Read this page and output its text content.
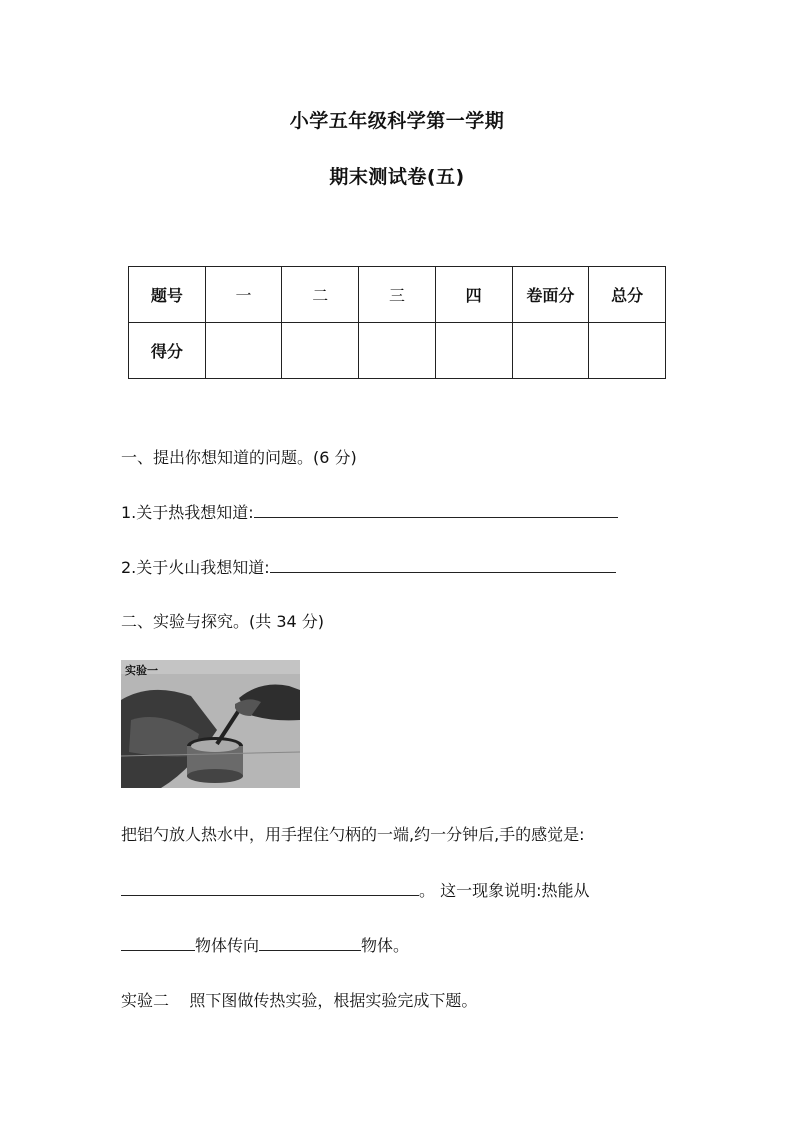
小学五年级科学第一学期
期末测试卷(五)
题号	一	二	三	四	卷面分	总分
得分						
一、提出你想知道的问题。(6 分)
1.关于热我想知道:
2.关于火山我想知道:
二、实验与探究。(共 34 分)
实验一
把铝勺放人热水中，用手捏住勺柄的一端,约一分钟后,手的感觉是:
。 这一现象说明:热能从
物体传向	物体。
实验二    照下图做传热实验，根据实验完成下题。
